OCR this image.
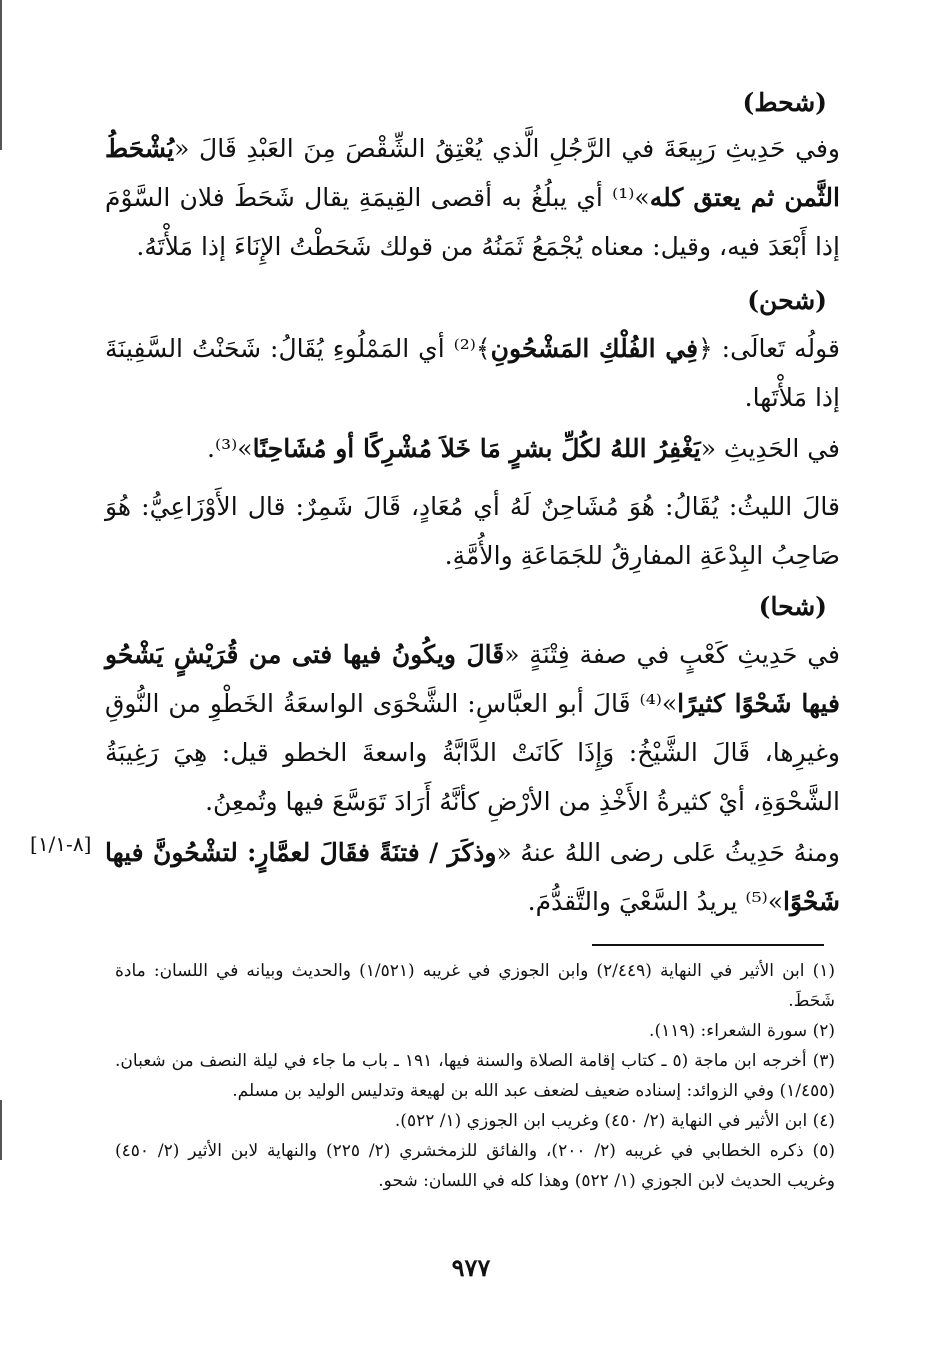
(شحط)
وفي حَدِيثِ رَبِيعَةَ في الرَّجُلِ الَّذي يُعْتِقُ الشِّقْصَ مِنَ العَبْدِ قَالَ «يُشْحَطُ الثَّمن ثم يعتق كله»⁽¹⁾ أي يبلُغُ به أقصى القِيمَةِ يقال شَحَطَ فلان السَّوْمَ إذا أَبْعَدَ فيه، وقيل: معناه يُجْمَعُ ثَمَنُهُ من قولك شَحَطْتُ الإِنَاءَ إذا مَلأْتَهُ.
(شحن)
قولُه تَعالَى: ﴿فِي الفُلْكِ المَشْحُونِ﴾⁽²⁾ أي المَمْلُوءِ يُقَالُ: شَحَنْتُ السَّفِينَةَ إذا مَلأْتَها.
في الحَدِيثِ «يَغْفِرُ اللهُ لكُلِّ بشرٍ مَا خَلاَ مُشْرِكًا أو مُشَاحِنًا»⁽³⁾.
قالَ الليثُ: يُقَالُ: هُوَ مُشَاحِنٌ لَهُ أي مُعَادٍ، قَالَ شَمِرٌ: قال الأَوْزَاعِيُّ: هُوَ صَاحِبُ البِدْعَةِ المفارِقُ للجَمَاعَةِ والأُمَّةِ.
(شحا)
في حَدِيثِ كَعْبٍ في صفة فِتْنَةٍ «قَالَ ويكُونُ فيها فتى من قُرَيْشٍ يَشْحُو فيها شَحْوًا كثيرًا»⁽⁴⁾ قَالَ أبو العبَّاسِ: الشَّحْوَى الواسعَةُ الخَطْوِ من النُّوقِ وغيرِها، قَالَ الشَّيْخُ: وَإِذَا كَانَتْ الدَّابَّةُ واسعةَ الخطو قيل: هِيَ رَغِيبَةُ الشَّحْوَةِ، أيْ كثيرةُ الأَخْذِ من الأرْضِ كأنَّهُ أَرَادَ تَوَسَّعَ فيها وتُمعِنُ.
ومنهُ حَدِيثُ عَلى رضى اللهُ عنهُ «وذكَرَ / فتنَةً فقَالَ لعمَّارٍ: لتشْحُونَّ فيها شَحْوًا»⁽⁵⁾ يريدُ السَّعْيَ والتَّقدُّمَ.
[٨-١/١]
(١) ابن الأثير في النهاية (٢/٤٤٩) وابن الجوزي في غريبه (١/٥٢١) والحديث وبيانه في اللسان: مادة شَحَطَ.
(٢) سورة الشعراء: (١١٩).
(٣) أخرجه ابن ماجة (٥ ـ كتاب إقامة الصلاة والسنة فيها، ١٩١ ـ باب ما جاء في ليلة النصف من شعبان. (١/٤٥٥) وفي الزوائد: إسناده ضعيف لضعف عبد الله بن لهيعة وتدليس الوليد بن مسلم.
(٤) ابن الأثير في النهاية (٢/ ٤٥٠) وغريب ابن الجوزي (١/ ٥٢٢).
(٥) ذكره الخطابي في غريبه (٢/ ٢٠٠)، والفائق للزمخشري (٢/ ٢٢٥) والنهاية لابن الأثير (٢/ ٤٥٠) وغريب الحديث لابن الجوزي (١/ ٥٢٢) وهذا كله في اللسان: شحو.
٩٧٧
